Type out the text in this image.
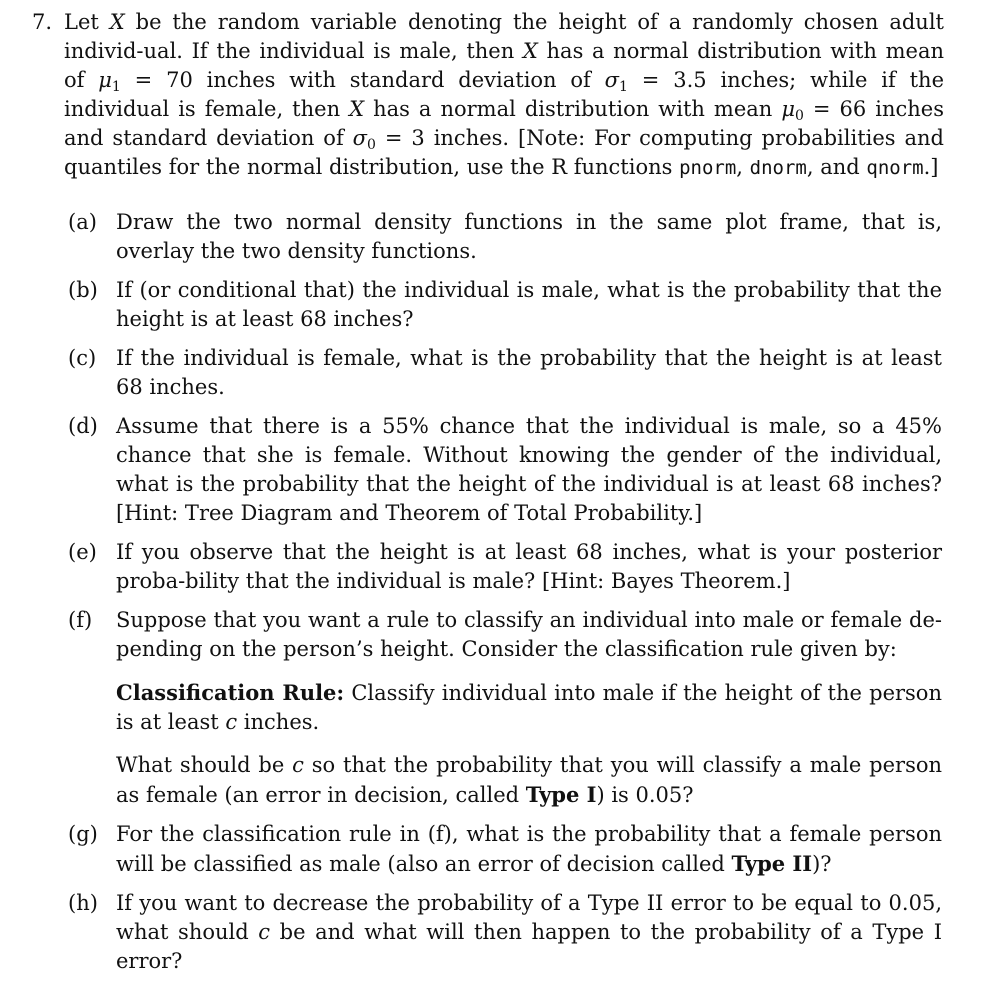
7. Let X be the random variable denoting the height of a randomly chosen adult individ-ual. If the individual is male, then X has a normal distribution with mean of $\mu_1 = 70$ inches with standard deviation of $\sigma_1 = 3.5$ inches; while if the individual is female, then X has a normal distribution with mean $\mu_0 = 66$ inches and standard deviation of $\sigma_0 = 3$ inches. [Note: For computing probabilities and quantiles for the normal distribution, use the R functions pnorm, dnorm, and qnorm.]
(a) Draw the two normal density functions in the same plot frame, that is, overlay the two density functions.
(b) If (or conditional that) the individual is male, what is the probability that the height is at least 68 inches?
(c) If the individual is female, what is the probability that the height is at least 68 inches.
(d) Assume that there is a 55% chance that the individual is male, so a 45% chance that she is female. Without knowing the gender of the individual, what is the probability that the height of the individual is at least 68 inches? [Hint: Tree Diagram and Theorem of Total Probability.]
(e) If you observe that the height is at least 68 inches, what is your posterior proba-bility that the individual is male? [Hint: Bayes Theorem.]
(f) Suppose that you want a rule to classify an individual into male or female de-pending on the person’s height. Consider the classification rule given by:
Classification Rule: Classify individual into male if the height of the person is at least c inches.
What should be c so that the probability that you will classify a male person as female (an error in decision, called Type I) is 0.05?
(g) For the classification rule in (f), what is the probability that a female person will be classified as male (also an error of decision called Type II)?
(h) If you want to decrease the probability of a Type II error to be equal to 0.05, what should c be and what will then happen to the probability of a Type I error?
